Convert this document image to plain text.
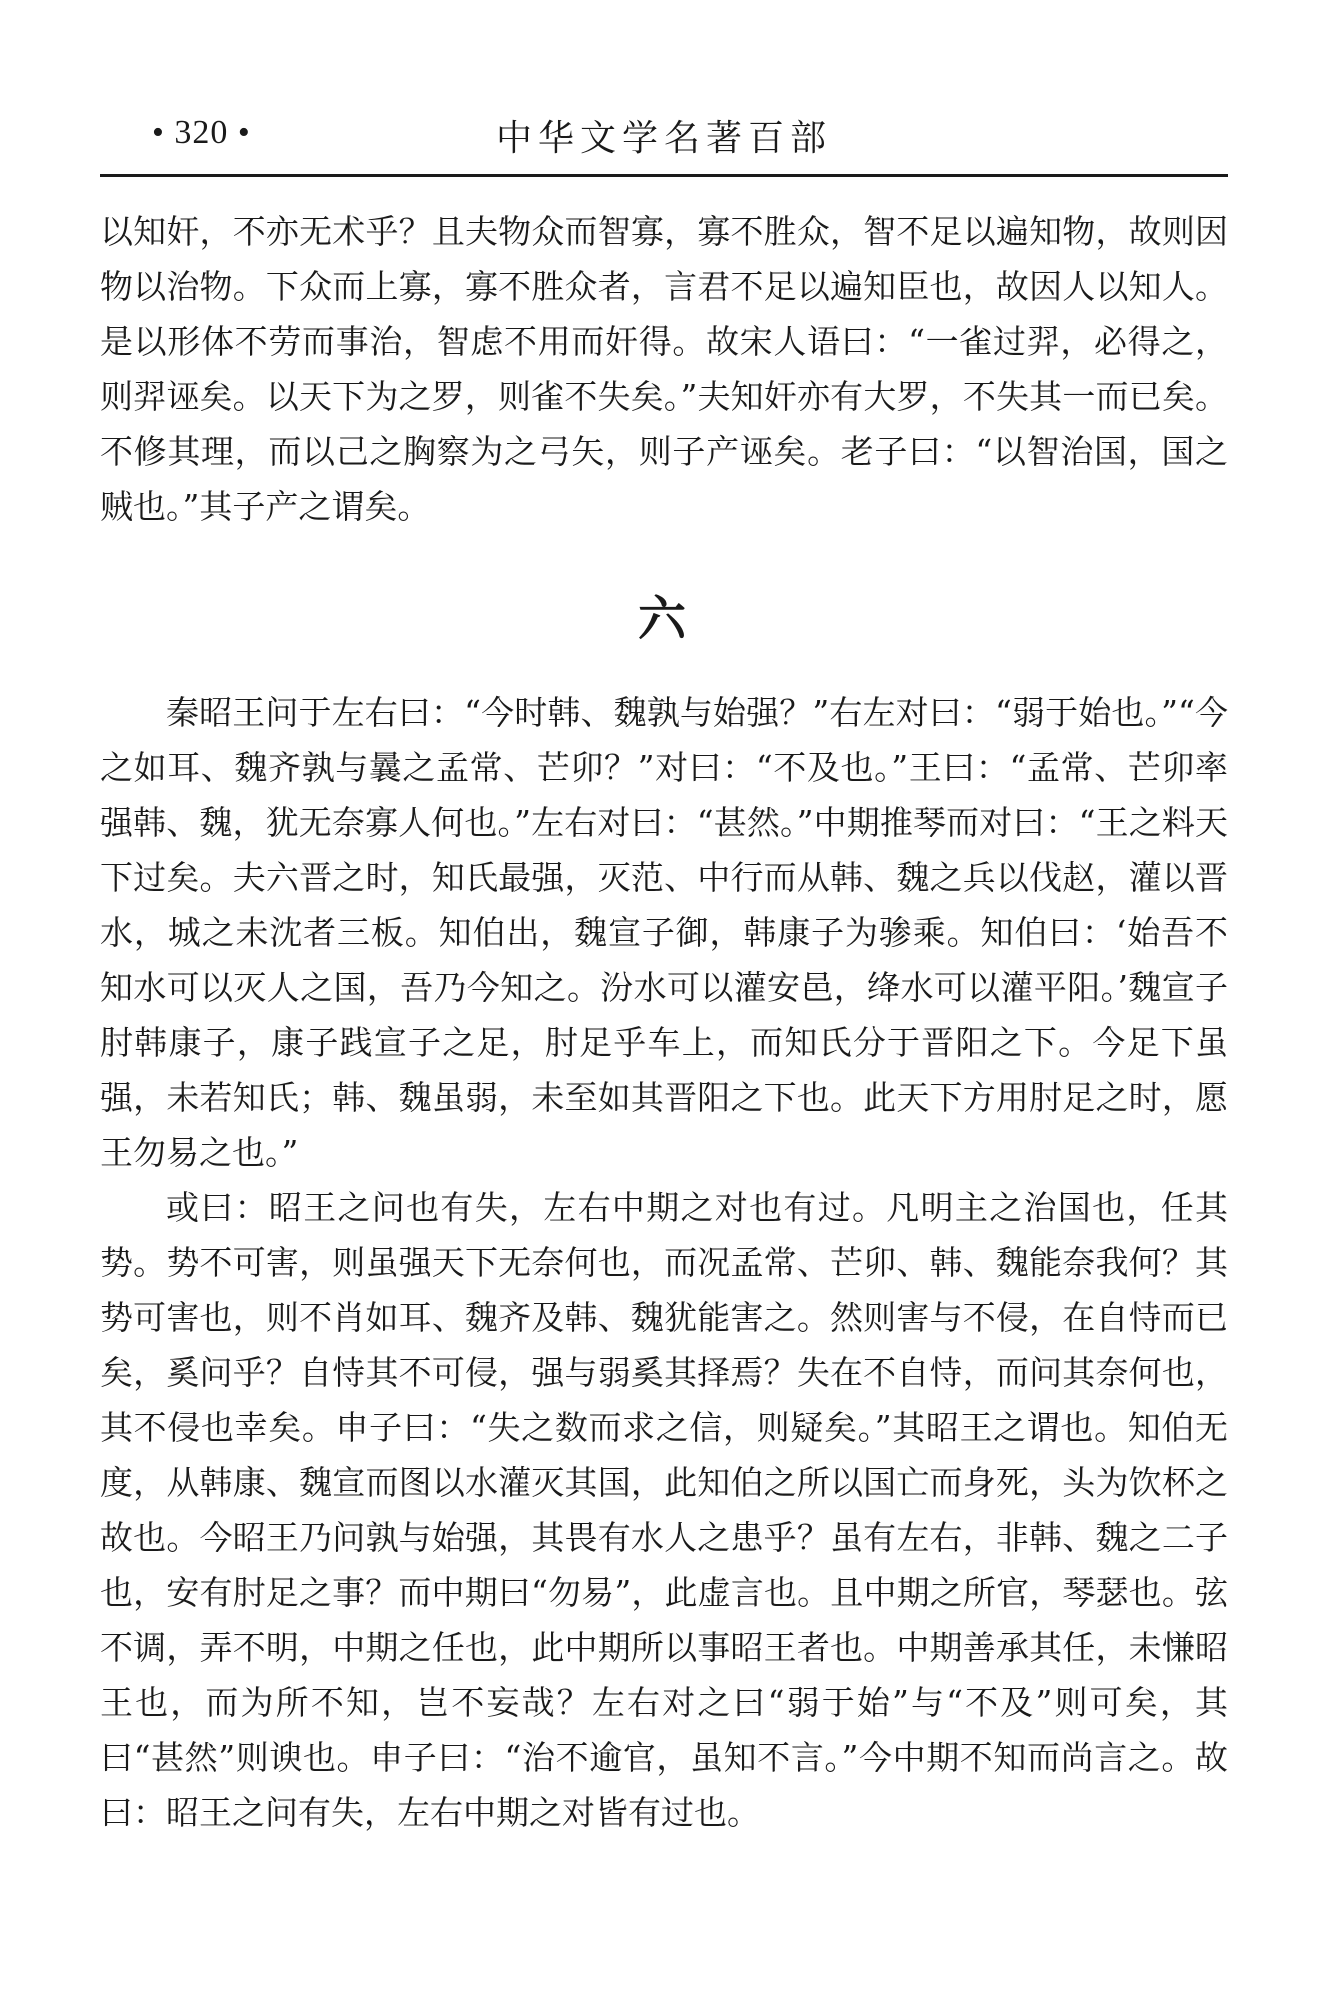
• 320 •	中华文学名著百部

以知奸，不亦无术乎？且夫物众而智寡，寡不胜众，智不足以遍知物，故则因物以治物。下众而上寡，寡不胜众者，言君不足以遍知臣也，故因人以知人。是以形体不劳而事治，智虑不用而奸得。故宋人语曰：“一雀过羿，必得之，则羿诬矣。以天下为之罗，则雀不失矣。”夫知奸亦有大罗，不失其一而已矣。不修其理，而以己之胸察为之弓矢，则子产诬矣。老子曰：“以智治国，国之贼也。”其子产之谓矣。

六

秦昭王问于左右曰：“今时韩、魏孰与始强？”右左对曰：“弱于始也。”“今之如耳、魏齐孰与曩之孟常、芒卯？”对曰：“不及也。”王曰：“孟常、芒卯率强韩、魏，犹无奈寡人何也。”左右对曰：“甚然。”中期推琴而对曰：“王之料天下过矣。夫六晋之时，知氏最强，灭范、中行而从韩、魏之兵以伐赵，灌以晋水，城之未沈者三板。知伯出，魏宣子御，韩康子为骖乘。知伯曰：‘始吾不知水可以灭人之国，吾乃今知之。汾水可以灌安邑，绛水可以灌平阳。’魏宣子肘韩康子，康子践宣子之足，肘足乎车上，而知氏分于晋阳之下。今足下虽强，未若知氏；韩、魏虽弱，未至如其晋阳之下也。此天下方用肘足之时，愿王勿易之也。”

或曰：昭王之问也有失，左右中期之对也有过。凡明主之治国也，任其势。势不可害，则虽强天下无奈何也，而况孟常、芒卯、韩、魏能奈我何？其势可害也，则不肖如耳、魏齐及韩、魏犹能害之。然则害与不侵，在自恃而已矣，奚问乎？自恃其不可侵，强与弱奚其择焉？失在不自恃，而问其奈何也，其不侵也幸矣。申子曰：“失之数而求之信，则疑矣。”其昭王之谓也。知伯无度，从韩康、魏宣而图以水灌灭其国，此知伯之所以国亡而身死，头为饮杯之故也。今昭王乃问孰与始强，其畏有水人之患乎？虽有左右，非韩、魏之二子也，安有肘足之事？而中期曰“勿易”，此虚言也。且中期之所官，琴瑟也。弦不调，弄不明，中期之任也，此中期所以事昭王者也。中期善承其任，未慊昭王也，而为所不知，岂不妄哉？左右对之曰“弱于始”与“不及”则可矣，其曰“甚然”则谀也。申子曰：“治不逾官，虽知不言。”今中期不知而尚言之。故曰：昭王之问有失，左右中期之对皆有过也。
